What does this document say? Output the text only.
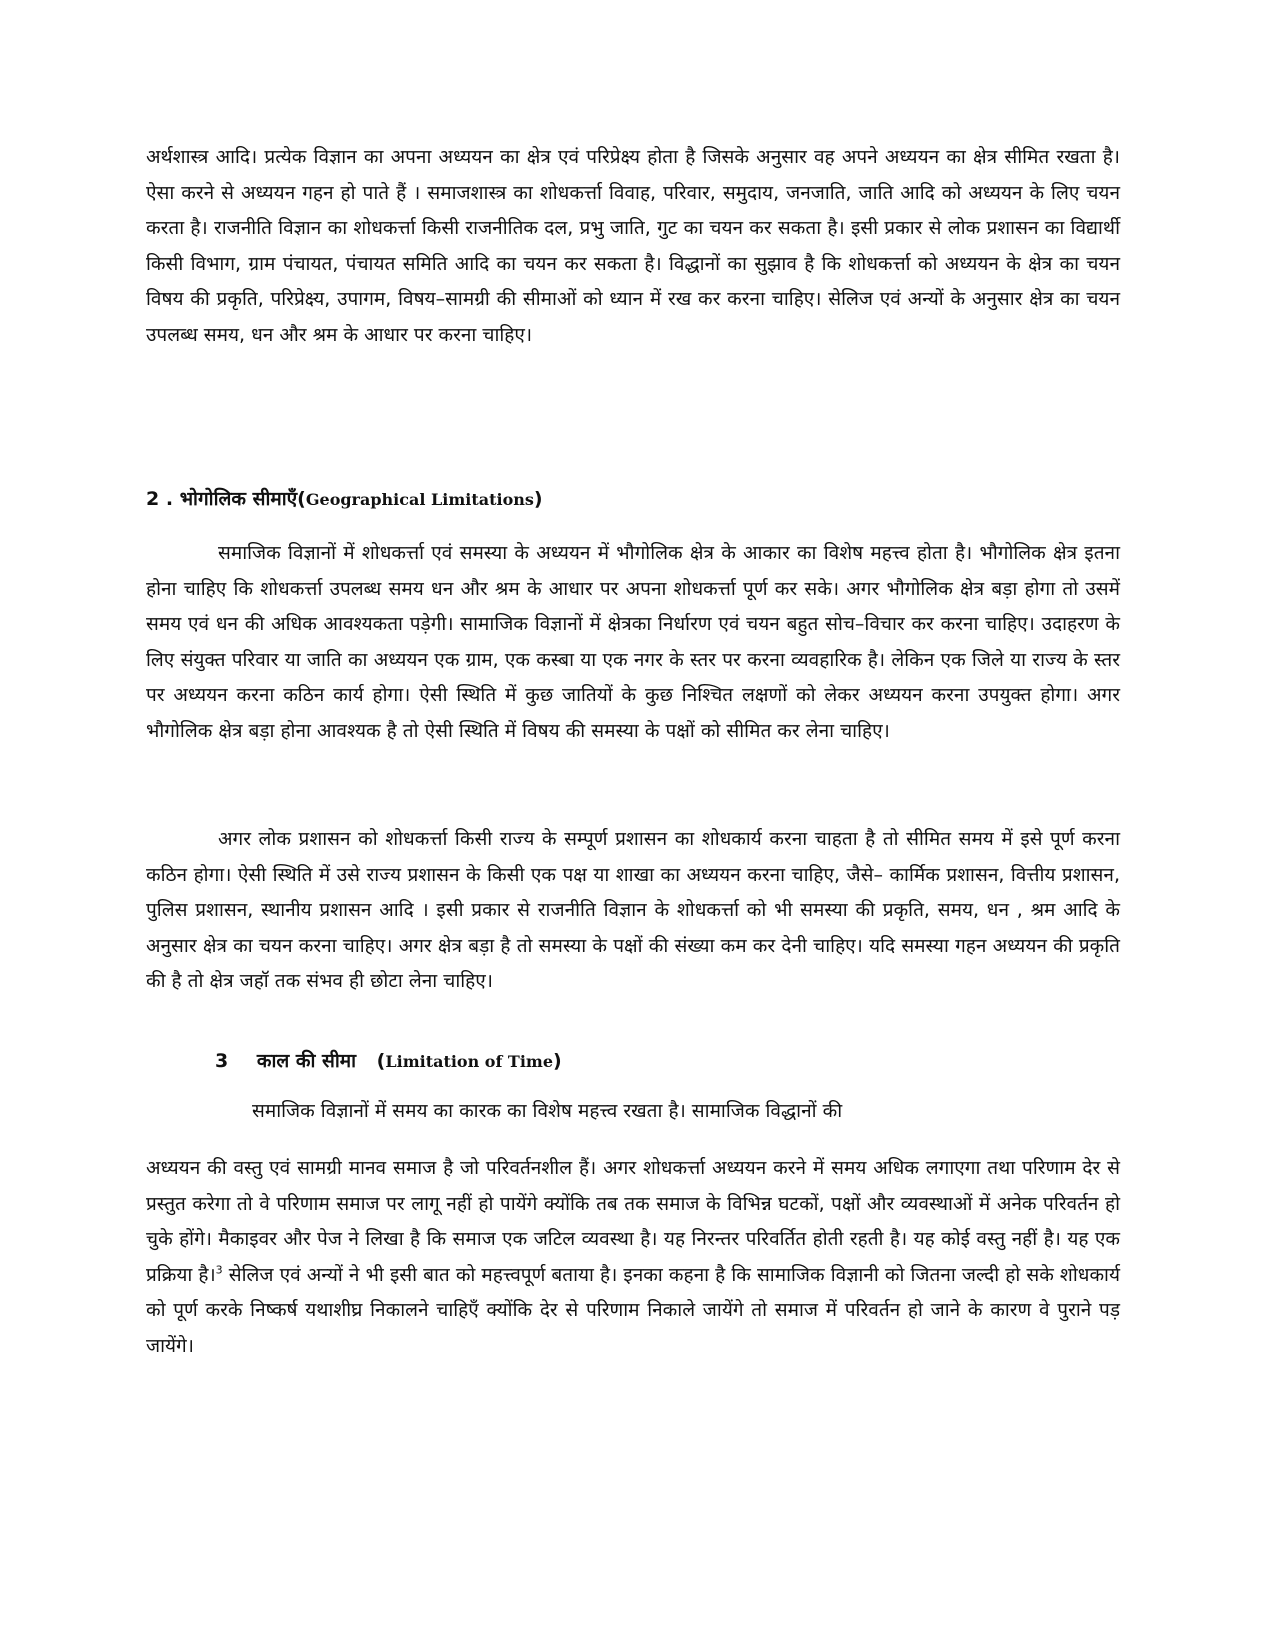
अर्थशास्त्र आदि। प्रत्येक विज्ञान का अपना अध्ययन का क्षेत्र एवं परिप्रेक्ष्य होता है जिसके अनुसार वह अपने अध्ययन का क्षेत्र सीमित रखता है। ऐसा करने से अध्ययन गहन हो पाते हैं । समाजशास्त्र का शोधकर्त्ता विवाह, परिवार, समुदाय, जनजाति, जाति आदि को अध्ययन के लिए चयन करता है। राजनीति विज्ञान का शोधकर्त्ता किसी राजनीतिक दल, प्रभु जाति, गुट का चयन कर सकता है। इसी प्रकार से लोक प्रशासन का विद्यार्थी किसी विभाग, ग्राम पंचायत, पंचायत समिति आदि का चयन कर सकता है। विद्धानों का सुझाव है कि शोधकर्त्ता को अध्ययन के क्षेत्र का चयन विषय की प्रकृति, परिप्रेक्ष्य, उपागम, विषय–सामग्री की सीमाओं को ध्यान में रख कर करना चाहिए। सेलिज एवं अन्यों के अनुसार क्षेत्र का चयन उपलब्ध समय, धन और श्रम के आधार पर करना चाहिए।

2 . भोगोलिक सीमाएँ(Geographical Limitations)

समाजिक विज्ञानों में शोधकर्त्ता एवं समस्या के अध्ययन में भौगोलिक क्षेत्र के आकार का विशेष महत्त्व होता है। भौगोलिक क्षेत्र इतना होना चाहिए कि शोधकर्त्ता उपलब्ध समय धन और श्रम के आधार पर अपना शोधकर्त्ता पूर्ण कर सके। अगर भौगोलिक क्षेत्र बड़ा होगा तो उसमें समय एवं धन की अधिक आवश्यकता पड़ेगी। सामाजिक विज्ञानों में क्षेत्रका निर्धारण एवं चयन बहुत सोच–विचार कर करना चाहिए। उदाहरण के लिए संयुक्त परिवार या जाति का अध्ययन एक ग्राम, एक कस्बा या एक नगर के स्तर पर करना व्यवहारिक है। लेकिन एक जिले या राज्य के स्तर पर अध्ययन करना कठिन कार्य होगा। ऐसी स्थिति में कुछ जातियों के कुछ निश्चित लक्षणों को लेकर अध्ययन करना उपयुक्त होगा। अगर भौगोलिक क्षेत्र बड़ा होना आवश्यक है तो ऐसी स्थिति में विषय की समस्या के पक्षों को सीमित कर लेना चाहिए।

अगर लोक प्रशासन को शोधकर्त्ता किसी राज्य के सम्पूर्ण प्रशासन का शोधकार्य करना चाहता है तो सीमित समय में इसे पूर्ण करना कठिन होगा। ऐसी स्थिति में उसे राज्य प्रशासन के किसी एक पक्ष या शाखा का अध्ययन करना चाहिए, जैसे– कार्मिक प्रशासन, वित्तीय प्रशासन, पुलिस प्रशासन, स्थानीय प्रशासन आदि । इसी प्रकार से राजनीति विज्ञान के शोधकर्त्ता को भी समस्या की प्रकृति, समय, धन , श्रम आदि के अनुसार क्षेत्र का चयन करना चाहिए। अगर क्षेत्र बड़ा है तो समस्या के पक्षों की संख्या कम कर देनी चाहिए। यदि समस्या गहन अध्ययन की प्रकृति की है तो क्षेत्र जहॉ तक संभव ही छोटा लेना चाहिए।

3 काल की सीमा (Limitation of Time)

समाजिक विज्ञानों में समय का कारक का विशेष महत्त्व रखता है। सामाजिक विद्धानों की

अध्ययन की वस्तु एवं सामग्री मानव समाज है जो परिवर्तनशील हैं। अगर शोधकर्त्ता अध्ययन करने में समय अधिक लगाएगा तथा परिणाम देर से प्रस्तुत करेगा तो वे परिणाम समाज पर लागू नहीं हो पायेंगे क्योंकि तब तक समाज के विभिन्न घटकों, पक्षों और व्यवस्थाओं में अनेक परिवर्तन हो चुके होंगे। मैकाइवर और पेज ने लिखा है कि समाज एक जटिल व्यवस्था है। यह निरन्तर परिवर्तित होती रहती है। यह कोई वस्तु नहीं है। यह एक प्रक्रिया है।$^3$ सेलिज एवं अन्यों ने भी इसी बात को महत्त्वपूर्ण बताया है। इनका कहना है कि सामाजिक विज्ञानी को जितना जल्दी हो सके शोधकार्य को पूर्ण करके निष्कर्ष यथाशीघ्र निकालने चाहिएँ क्योंकि देर से परिणाम निकाले जायेंगे तो समाज में परिवर्तन हो जाने के कारण वे पुराने पड़ जायेंगे।
